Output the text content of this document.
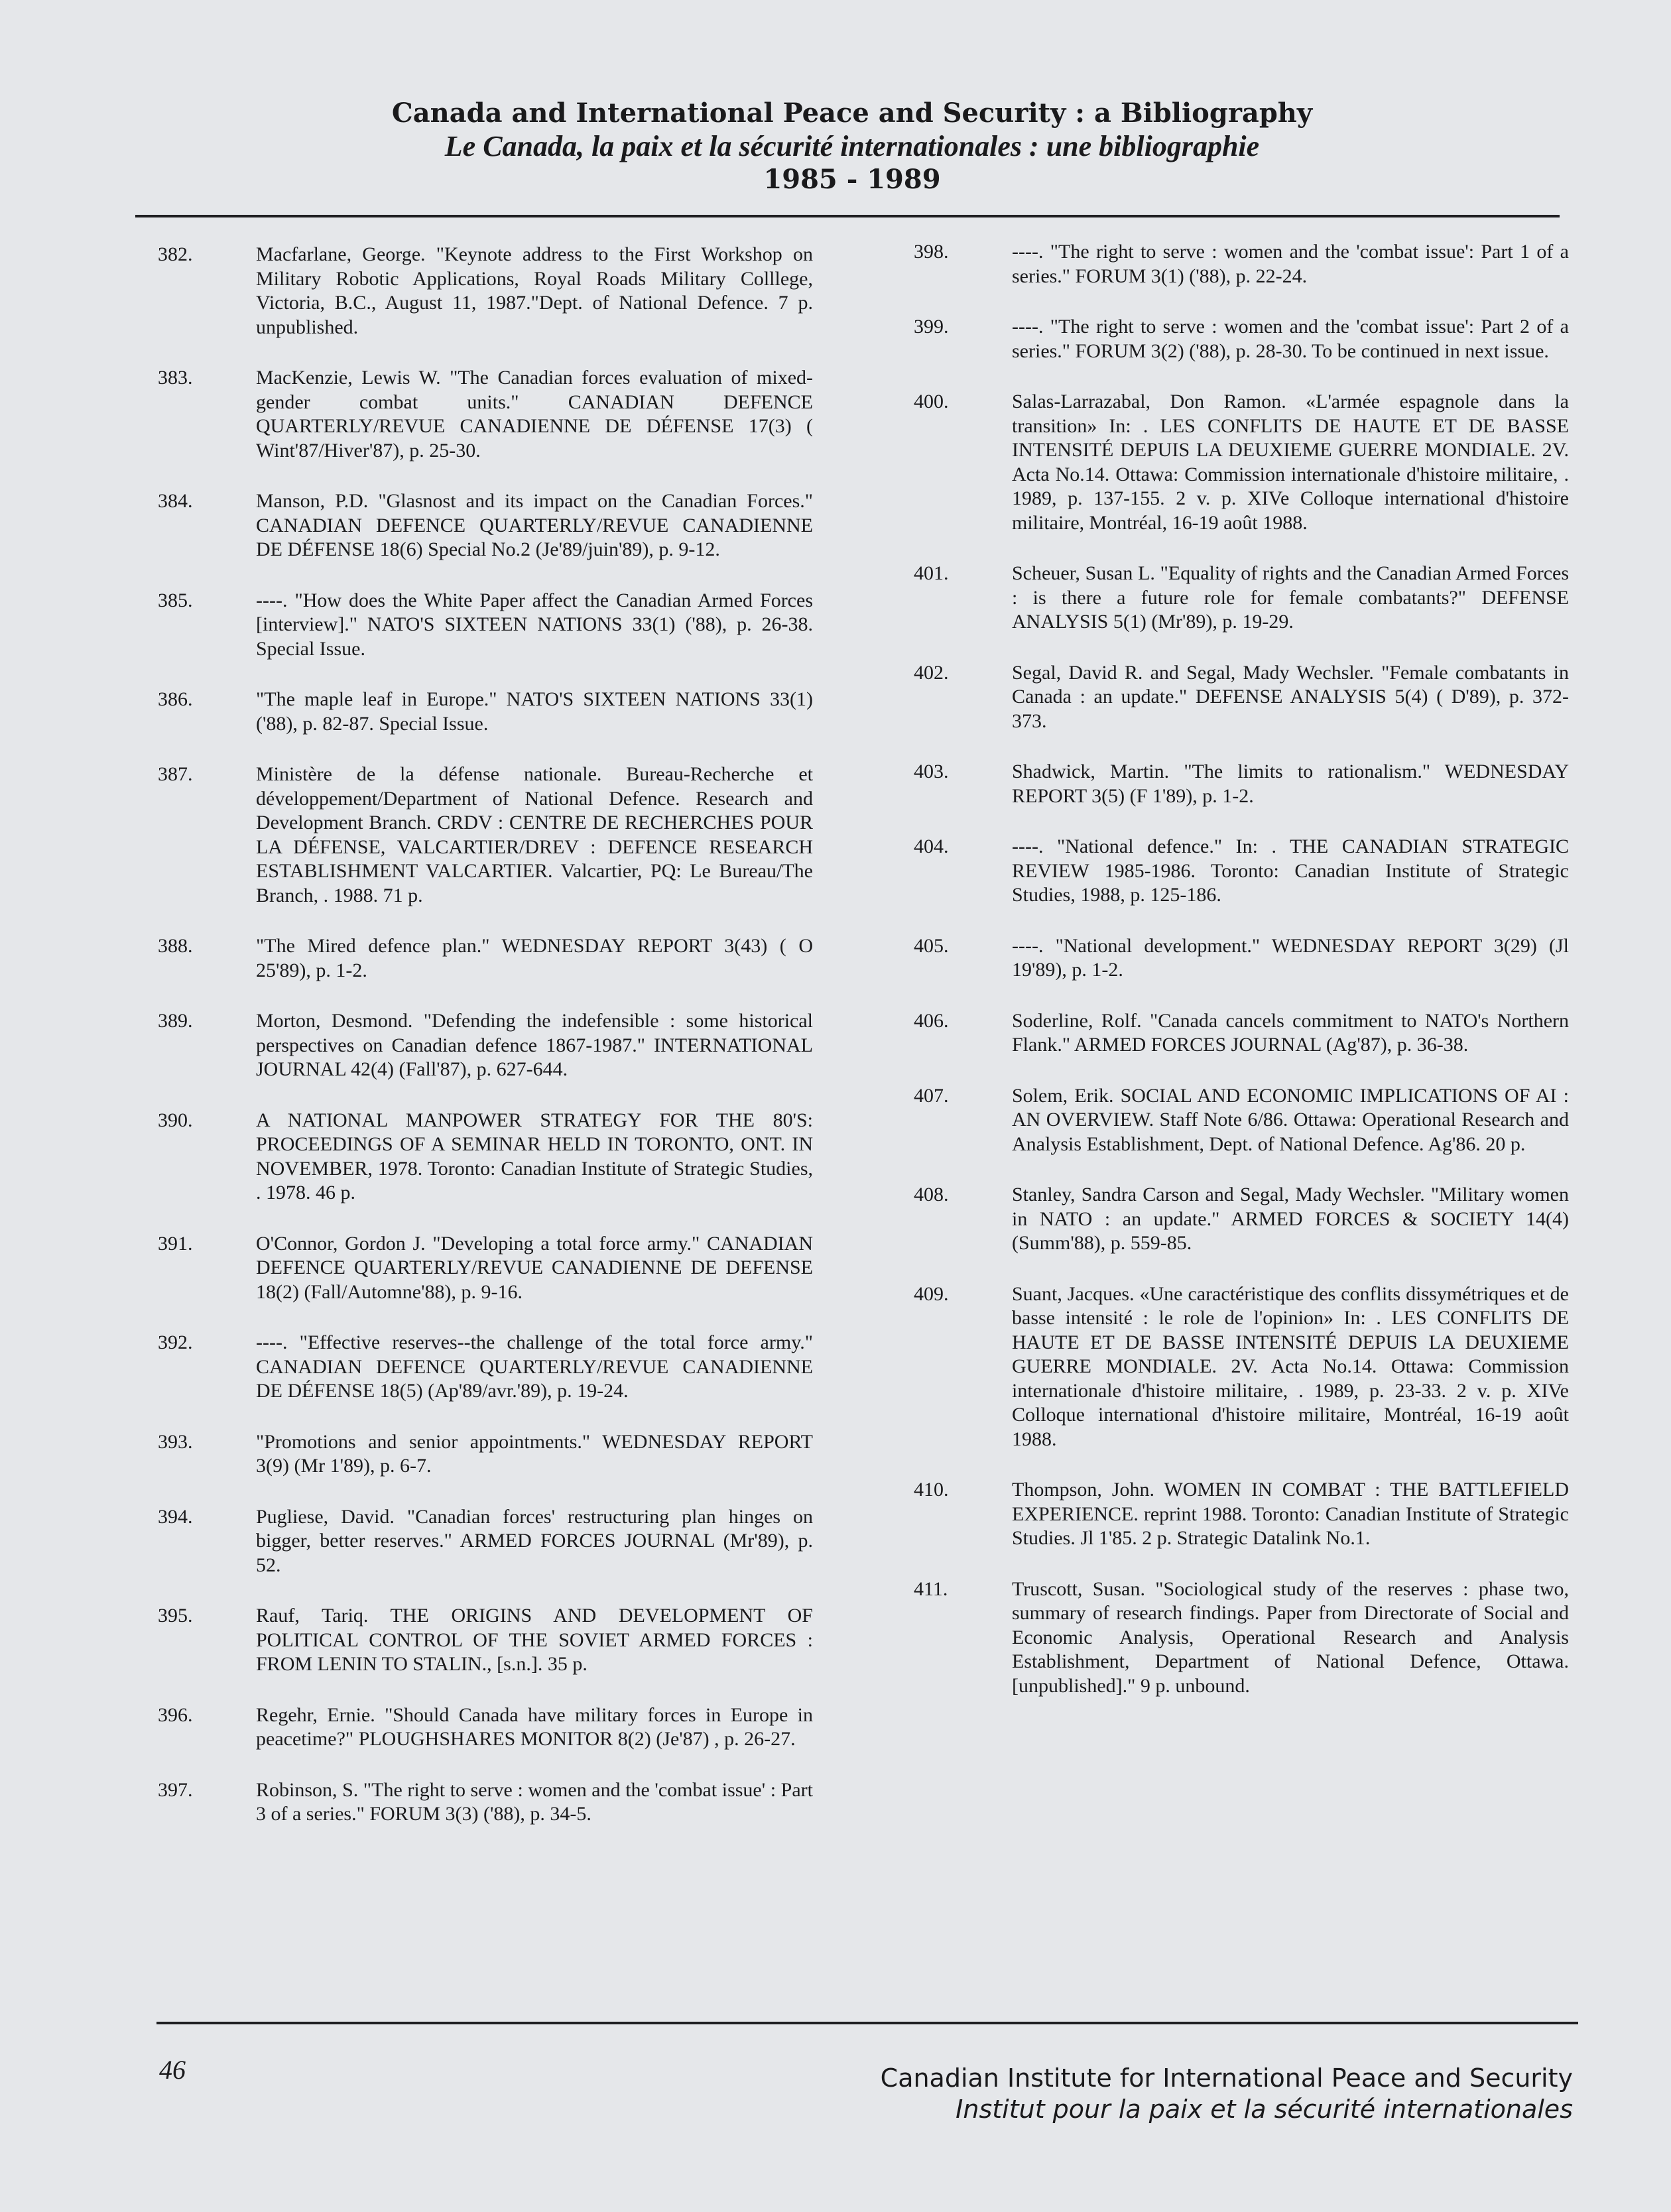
Canada and International Peace and Security : a Bibliography
Le Canada, la paix et la sécurité internationales : une bibliographie
1985 - 1989
382.	Macfarlane, George. "Keynote address to the First Workshop on Military Robotic Applications, Royal Roads Military Colllege, Victoria, B.C., August 11, 1987."Dept. of National Defence. 7 p. unpublished.
383.	MacKenzie, Lewis W. "The Canadian forces evaluation of mixed-gender combat units." CANADIAN DEFENCE QUARTERLY/REVUE CANADIENNE DE DÉFENSE 17(3) ( Wint'87/Hiver'87), p. 25-30.
384.	Manson, P.D. "Glasnost and its impact on the Canadian Forces." CANADIAN DEFENCE QUARTERLY/REVUE CANADIENNE DE DÉFENSE 18(6) Special No.2 (Je'89/juin'89), p. 9-12.
385.	----. "How does the White Paper affect the Canadian Armed Forces [interview]." NATO'S SIXTEEN NATIONS 33(1) ('88), p. 26-38. Special Issue.
386.	"The maple leaf in Europe." NATO'S SIXTEEN NATIONS 33(1) ('88), p. 82-87. Special Issue.
387.	Ministère de la défense nationale. Bureau-Recherche et développement/Department of National Defence. Research and Development Branch. CRDV : CENTRE DE RECHERCHES POUR LA DÉFENSE, VALCARTIER/DREV : DEFENCE RESEARCH ESTABLISHMENT VALCARTIER. Valcartier, PQ: Le Bureau/The Branch, . 1988. 71 p.
388.	"The Mired defence plan." WEDNESDAY REPORT 3(43) ( O 25'89), p. 1-2.
389.	Morton, Desmond. "Defending the indefensible : some historical perspectives on Canadian defence 1867-1987." INTERNATIONAL JOURNAL 42(4) (Fall'87), p. 627-644.
390.	A NATIONAL MANPOWER STRATEGY FOR THE 80'S: PROCEEDINGS OF A SEMINAR HELD IN TORONTO, ONT. IN NOVEMBER, 1978. Toronto: Canadian Institute of Strategic Studies, . 1978. 46 p.
391.	O'Connor, Gordon J. "Developing a total force army." CANADIAN DEFENCE QUARTERLY/REVUE CANADIENNE DE DEFENSE 18(2) (Fall/Automne'88), p. 9-16.
392.	----. "Effective reserves--the challenge of the total force army." CANADIAN DEFENCE QUARTERLY/REVUE CANADIENNE DE DÉFENSE 18(5) (Ap'89/avr.'89), p. 19-24.
393.	"Promotions and senior appointments." WEDNESDAY REPORT 3(9) (Mr 1'89), p. 6-7.
394.	Pugliese, David. "Canadian forces' restructuring plan hinges on bigger, better reserves." ARMED FORCES JOURNAL (Mr'89), p. 52.
395.	Rauf, Tariq. THE ORIGINS AND DEVELOPMENT OF POLITICAL CONTROL OF THE SOVIET ARMED FORCES : FROM LENIN TO STALIN., [s.n.]. 35 p.
396.	Regehr, Ernie. "Should Canada have military forces in Europe in peacetime?" PLOUGHSHARES MONITOR 8(2) (Je'87) , p. 26-27.
397.	Robinson, S. "The right to serve : women and the 'combat issue' : Part 3 of a series." FORUM 3(3) ('88), p. 34-5.
398.	----. "The right to serve : women and the 'combat issue': Part 1 of a series." FORUM 3(1) ('88), p. 22-24.
399.	----. "The right to serve : women and the 'combat issue': Part 2 of a series." FORUM 3(2) ('88), p. 28-30. To be continued in next issue.
400.	Salas-Larrazabal, Don Ramon. «L'armée espagnole dans la transition» In: . LES CONFLITS DE HAUTE ET DE BASSE INTENSITÉ DEPUIS LA DEUXIEME GUERRE MONDIALE. 2V. Acta No.14. Ottawa: Commission internationale d'histoire militaire, . 1989, p. 137-155. 2 v. p. XIVe Colloque international d'histoire militaire, Montréal, 16-19 août 1988.
401.	Scheuer, Susan L. "Equality of rights and the Canadian Armed Forces : is there a future role for female combatants?" DEFENSE ANALYSIS 5(1) (Mr'89), p. 19-29.
402.	Segal, David R. and Segal, Mady Wechsler. "Female combatants in Canada : an update." DEFENSE ANALYSIS 5(4) ( D'89), p. 372-373.
403.	Shadwick, Martin. "The limits to rationalism." WEDNESDAY REPORT 3(5) (F 1'89), p. 1-2.
404.	----. "National defence." In: . THE CANADIAN STRATEGIC REVIEW 1985-1986. Toronto: Canadian Institute of Strategic Studies, 1988, p. 125-186.
405.	----. "National development." WEDNESDAY REPORT 3(29) (Jl 19'89), p. 1-2.
406.	Soderline, Rolf. "Canada cancels commitment to NATO's Northern Flank." ARMED FORCES JOURNAL (Ag'87), p. 36-38.
407.	Solem, Erik. SOCIAL AND ECONOMIC IMPLICATIONS OF AI : AN OVERVIEW. Staff Note 6/86. Ottawa: Operational Research and Analysis Establishment, Dept. of National Defence. Ag'86. 20 p.
408.	Stanley, Sandra Carson and Segal, Mady Wechsler. "Military women in NATO : an update." ARMED FORCES & SOCIETY 14(4) (Summ'88), p. 559-85.
409.	Suant, Jacques. «Une caractéristique des conflits dissymétriques et de basse intensité : le role de l'opinion» In: . LES CONFLITS DE HAUTE ET DE BASSE INTENSITÉ DEPUIS LA DEUXIEME GUERRE MONDIALE. 2V. Acta No.14. Ottawa: Commission internationale d'histoire militaire, . 1989, p. 23-33. 2 v. p. XIVe Colloque international d'histoire militaire, Montréal, 16-19 août 1988.
410.	Thompson, John. WOMEN IN COMBAT : THE BATTLEFIELD EXPERIENCE. reprint 1988. Toronto: Canadian Institute of Strategic Studies. Jl 1'85. 2 p. Strategic Datalink No.1.
411.	Truscott, Susan. "Sociological study of the reserves : phase two, summary of research findings. Paper from Directorate of Social and Economic Analysis, Operational Research and Analysis Establishment, Department of National Defence, Ottawa. [unpublished]." 9 p. unbound.
46	Canadian Institute for International Peace and Security
Institut pour la paix et la sécurité internationales
